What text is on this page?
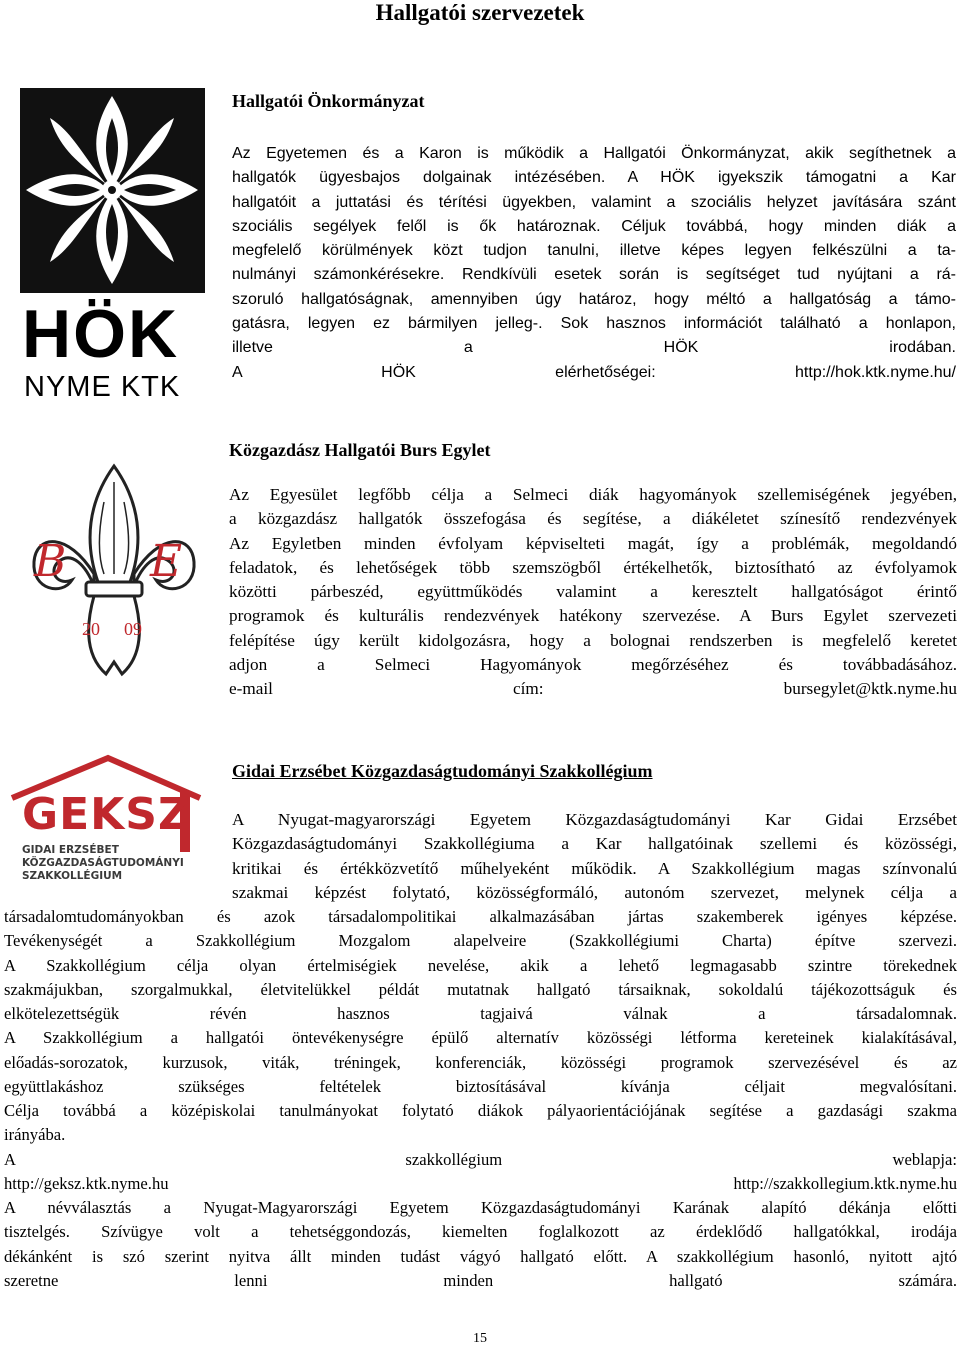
Hallgatói szervezetek
HÖK
NYME KTK
Hallgatói Önkormányzat
Az Egyetemen és a Karon is működik a Hallgatói Önkormányzat, akik segíthetnek a
hallgatók ügyesbajos dolgainak intézésében. A HÖK igyekszik támogatni a Kar
hallgatóit a juttatási és térítési ügyekben, valamint a szociális helyzet javítására szánt
szociális segélyek felől is ők határoznak. Céljuk továbbá, hogy minden diák a
megfelelő körülmények közt tudjon tanulni, illetve képes legyen felkészülni a ta-
nulmányi számonkérésekre. Rendkívüli esetek során is segítséget tud nyújtani a rá-
szoruló hallgatóságnak, amennyiben úgy határoz, hogy méltó a hallgatóság a támo-
gatásra, legyen ez bármilyen jelleg-. Sok hasznos információt található a honlapon,
illetve a HÖK irodában.
A HÖK elérhetőségei: http://hok.ktk.nyme.hu/
B E
20 09
Közgazdász Hallgatói Burs Egylet
Az Egyesület legfőbb célja a Selmeci diák hagyományok szellemiségének jegyében,
a közgazdász hallgatók összefogása és segítése, a diákéletet színesítő rendezvények
Az Egyletben minden évfolyam képviselteti magát, így a problémák, megoldandó
feladatok, és lehetőségek több szemszögből értékelhetők, biztosítható az évfolyamok
közötti párbeszéd, együttműködés valamint a keresztelt hallgatóságot érintő
programok és kulturális rendezvények hatékony szervezése. A Burs Egylet szervezeti
felépítése úgy került kidolgozásra, hogy a bolognai rendszerben is megfelelő keretet
adjon a Selmeci Hagyományok megőrzéséhez és továbbadásához.
e-mail cím: bursegylet@ktk.nyme.hu
GEKSZ
GIDAI ERZSÉBET
KÖZGAZDASÁGTUDOMÁNYI
SZAKKOLLÉGIUM
Gidai Erzsébet Közgazdaságtudományi Szakkollégium
A Nyugat-magyarországi Egyetem Közgazdaságtudományi Kar Gidai Erzsébet
Közgazdaságtudományi Szakkollégiuma a Kar hallgatóinak szellemi és közösségi,
kritikai és értékközvetítő műhelyeként működik. A Szakkollégium magas színvonalú
szakmai képzést folytató, közösségformáló, autonóm szervezet, melynek célja a
társadalomtudományokban és azok társadalompolitikai alkalmazásában jártas szakemberek igényes képzése.
Tevékenységét a Szakkollégium Mozgalom alapelveire (Szakkollégiumi Charta) építve szervezi.
A Szakkollégium célja olyan értelmiségiek nevelése, akik a lehető legmagasabb szintre törekednek
szakmájukban, szorgalmukkal, életvitelükkel példát mutatnak hallgató társaiknak, sokoldalú tájékozottságuk és
elkötelezettségük révén hasznos tagjaivá válnak a társadalomnak.
A Szakkollégium a hallgatói öntevékenységre épülő alternatív közösségi létforma kereteinek kialakításával,
előadás-sorozatok, kurzusok, viták, tréningek, konferenciák, közösségi programok szervezésével és az
együttlakáshoz szükséges feltételek biztosításával kívánja céljait megvalósítani.
Célja továbbá a középiskolai tanulmányokat folytató diákok pályaorientációjának segítése a gazdasági szakma
irányába.
A szakkollégium weblapja:
http://geksz.ktk.nyme.hu http://szakkollegium.ktk.nyme.hu
A névválasztás a Nyugat-Magyarországi Egyetem Közgazdaságtudományi Karának alapító dékánja előtti
tisztelgés. Szívügye volt a tehetséggondozás, kiemelten foglalkozott az érdeklődő hallgatókkal, irodája
dékánként is szó szerint nyitva állt minden tudást vágyó hallgató előtt. A szakkollégium hasonló, nyitott ajtó
szeretne lenni minden hallgató számára.
15
